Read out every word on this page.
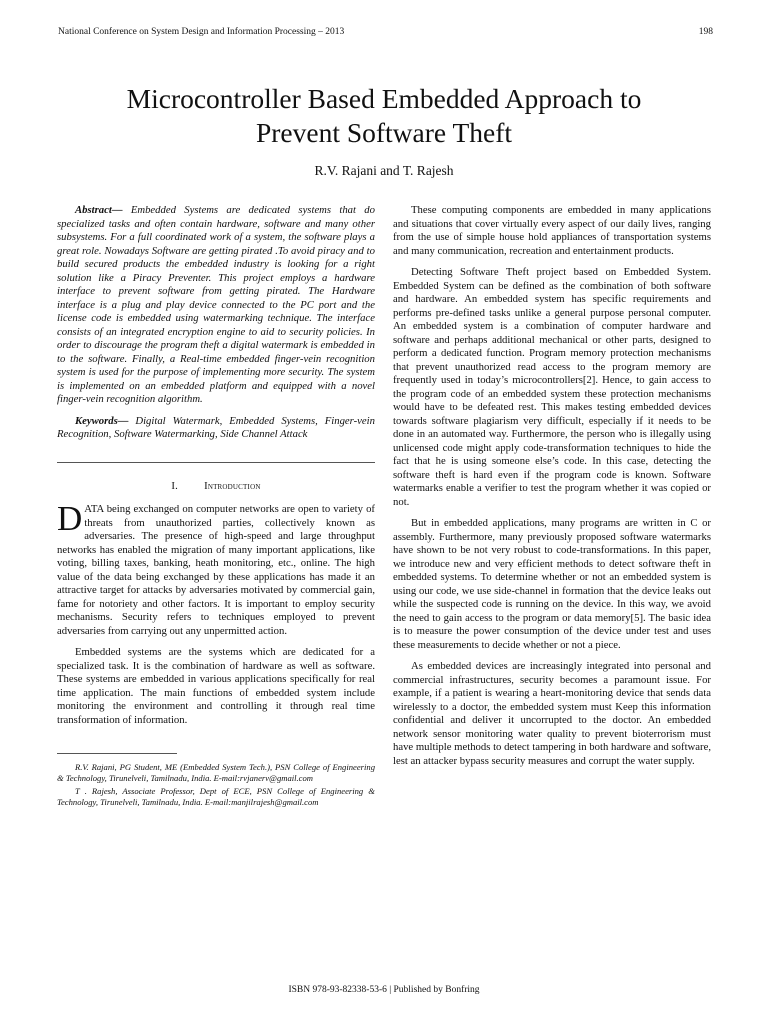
National Conference on System Design and Information Processing – 2013	198
Microcontroller Based Embedded Approach to
Prevent Software Theft
R.V. Rajani and T. Rajesh

Abstract— Embedded Systems are dedicated systems that do specialized tasks and often contain hardware, software and many other subsystems. For a full coordinated work of a system, the software plays a great role. Nowadays Software are getting pirated .To avoid piracy and to build secured products the embedded industry is looking for a right solution like a Piracy Preventer. This project employs a hardware interface to prevent software from getting pirated. The Hardware interface is a plug and play device connected to the PC port and the license code is embedded using watermarking technique. The interface consists of an integrated encryption engine to aid to security policies. In order to discourage the program theft a digital watermark is embedded in to the software. Finally, a Real-time embedded finger-vein recognition system is used for the purpose of implementing more security. The system is implemented on an embedded platform and equipped with a novel finger-vein recognition algorithm.

Keywords— Digital Watermark, Embedded Systems, Finger-vein Recognition, Software Watermarking, Side Channel Attack

I. Introduction

DATA being exchanged on computer networks are open to variety of threats from unauthorized parties, collectively known as adversaries. The presence of high-speed and large throughput networks has enabled the migration of many important applications, like voting, billing taxes, banking, heath monitoring, etc., online. The high value of the data being exchanged by these applications has made it an attractive target for attacks by adversaries motivated by commercial gain, fame for notoriety and other factors. It is important to employ security mechanisms. Security refers to techniques employed to prevent adversaries from carrying out any unpermitted action.

Embedded systems are the systems which are dedicated for a specialized task. It is the combination of hardware as well as software. These systems are embedded in various applications specifically for real time application. The main functions of embedded system include monitoring the environment and controlling it through real time transformation of information.

R.V. Rajani, PG Student, ME (Embedded System Tech.), PSN College of Engineering & Technology, Tirunelveli, Tamilnadu, India. E-mail:rvjanerv@gmail.com

T . Rajesh, Associate Professor, Dept of ECE, PSN College of Engineering & Technology, Tirunelveli, Tamilnadu, India. E-mail:manjilrajesh@gmail.com

These computing components are embedded in many applications and situations that cover virtually every aspect of our daily lives, ranging from the use of simple house hold appliances of transportation systems and many communication, recreation and entertainment products.

Detecting Software Theft project based on Embedded System. Embedded System can be defined as the combination of both software and hardware. An embedded system has specific requirements and performs pre-defined tasks unlike a general purpose personal computer. An embedded system is a combination of computer hardware and software and perhaps additional mechanical or other parts, designed to perform a dedicated function. Program memory protection mechanisms that prevent unauthorized read access to the program memory are frequently used in today’s microcontrollers[2]. Hence, to gain access to the program code of an embedded system these protection mechanisms would have to be defeated rest. This makes testing embedded devices towards software plagiarism very difficult, especially if it needs to be done in an automated way. Furthermore, the person who is illegally using unlicensed code might apply code-transformation techniques to hide the fact that he is using someone else’s code. In this case, detecting the software theft is hard even if the program code is known. Software watermarks enable a verifier to test the program whether it was copied or not.

But in embedded applications, many programs are written in C or assembly. Furthermore, many previously proposed software watermarks have shown to be not very robust to code-transformations. In this paper, we introduce new and very efficient methods to detect software theft in embedded systems. To determine whether or not an embedded system is using our code, we use side-channel in formation that the device leaks out while the suspected code is running on the device. In this way, we avoid the need to gain access to the program or data memory[5]. The basic idea is to measure the power consumption of the device under test and uses these measurements to decide whether or not a piece.

As embedded devices are increasingly integrated into personal and commercial infrastructures, security becomes a paramount issue. For example, if a patient is wearing a heart-monitoring device that sends data wirelessly to a doctor, the embedded system must Keep this information confidential and deliver it uncorrupted to the doctor. An embedded network sensor monitoring water quality to prevent bioterrorism must have multiple methods to detect tampering in both hardware and software, lest an attacker bypass security measures and corrupt the water supply.

ISBN 978-93-82338-53-6 | Published by Bonfring
